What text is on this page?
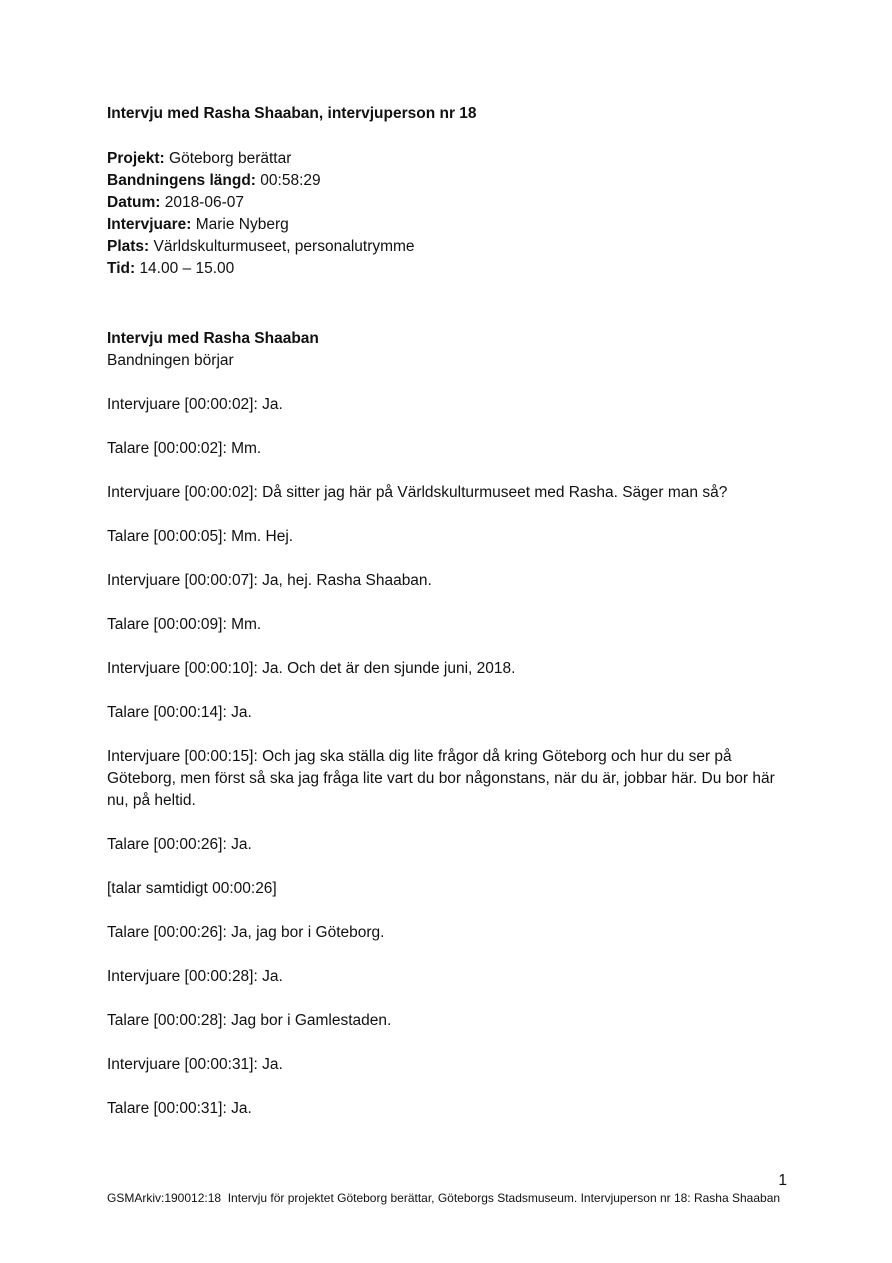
Intervju med Rasha Shaaban, intervjuperson nr 18

Projekt: Göteborg berättar

Bandningens längd: 00:58:29

Datum: 2018-06-07

Intervjuare: Marie Nyberg

Plats: Världskulturmuseet, personalutrymme

Tid: 14.00 – 15.00

Intervju med Rasha Shaaban

Bandningen börjar

Intervjuare [00:00:02]: Ja.

Talare [00:00:02]: Mm.

Intervjuare [00:00:02]: Då sitter jag här på Världskulturmuseet med Rasha. Säger man så?

Talare [00:00:05]: Mm. Hej.

Intervjuare [00:00:07]: Ja, hej. Rasha Shaaban.

Talare [00:00:09]: Mm.

Intervjuare [00:00:10]: Ja. Och det är den sjunde juni, 2018.

Talare [00:00:14]: Ja.

Intervjuare [00:00:15]: Och jag ska ställa dig lite frågor då kring Göteborg och hur du ser på Göteborg, men först så ska jag fråga lite vart du bor någonstans, när du är, jobbar här. Du bor här nu, på heltid.

Talare [00:00:26]: Ja.

[talar samtidigt 00:00:26]

Talare [00:00:26]: Ja, jag bor i Göteborg.

Intervjuare [00:00:28]: Ja.

Talare [00:00:28]: Jag bor i Gamlestaden.

Intervjuare [00:00:31]: Ja.

Talare [00:00:31]: Ja.

1
GSMArkiv:190012:18  Intervju för projektet Göteborg berättar, Göteborgs Stadsmuseum. Intervjuperson nr 18: Rasha Shaaban
